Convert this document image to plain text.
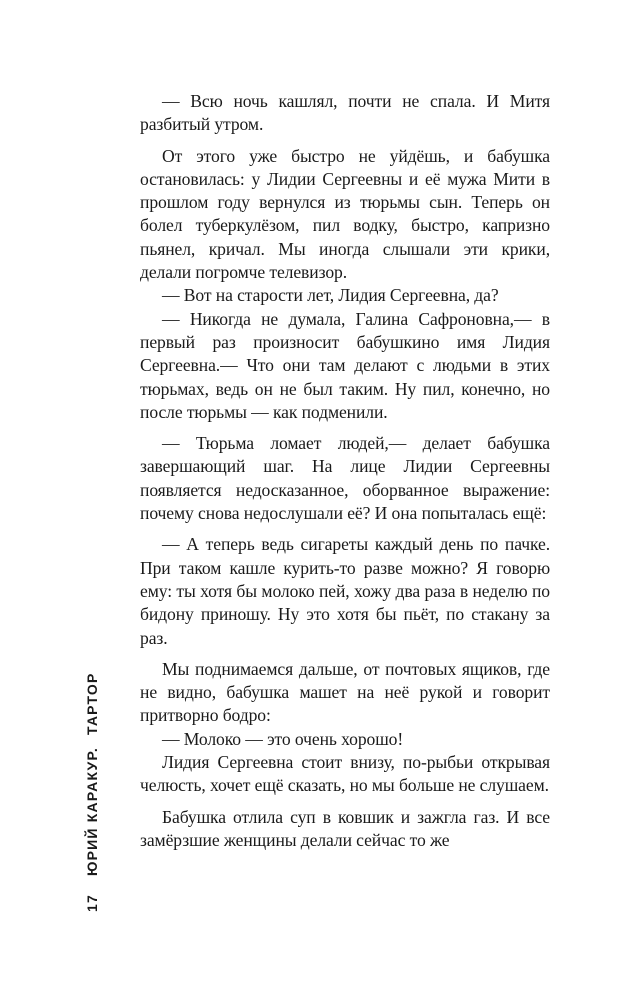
— Всю ночь кашлял, почти не спала. И Митя разбитый утром.

От этого уже быстро не уйдёшь, и бабушка остановилась: у Лидии Сергеевны и её мужа Мити в прошлом году вернулся из тюрьмы сын. Теперь он болел туберкулёзом, пил водку, быстро, капризно пьянел, кричал. Мы иногда слышали эти крики, делали погромче телевизор.

— Вот на старости лет, Лидия Сергеевна, да?

— Никогда не думала, Галина Сафроновна,— в первый раз произносит бабушкино имя Лидия Сергеевна.— Что они там делают с людьми в этих тюрьмах, ведь он не был таким. Ну пил, конечно, но после тюрьмы — как подменили.

— Тюрьма ломает людей,— делает бабушка завершающий шаг. На лице Лидии Сергеевны появляется недосказанное, оборванное выражение: почему снова недослушали её? И она попыталась ещё:

— А теперь ведь сигареты каждый день по пачке. При таком кашле курить-то разве можно? Я говорю ему: ты хотя бы молоко пей, хожу два раза в неделю по бидону приношу. Ну это хотя бы пьёт, по стакану за раз.

Мы поднимаемся дальше, от почтовых ящиков, где не видно, бабушка машет на неё рукой и говорит притворно бодро:

— Молоко — это очень хорошо!

Лидия Сергеевна стоит внизу, по-рыбьи открывая челюсть, хочет ещё сказать, но мы больше не слушаем.

Бабушка отлила суп в ковшик и зажгла газ. И все замёрзшие женщины делали сейчас то же

17ЮРИЙ КАРАКУР.ТАРТОР
